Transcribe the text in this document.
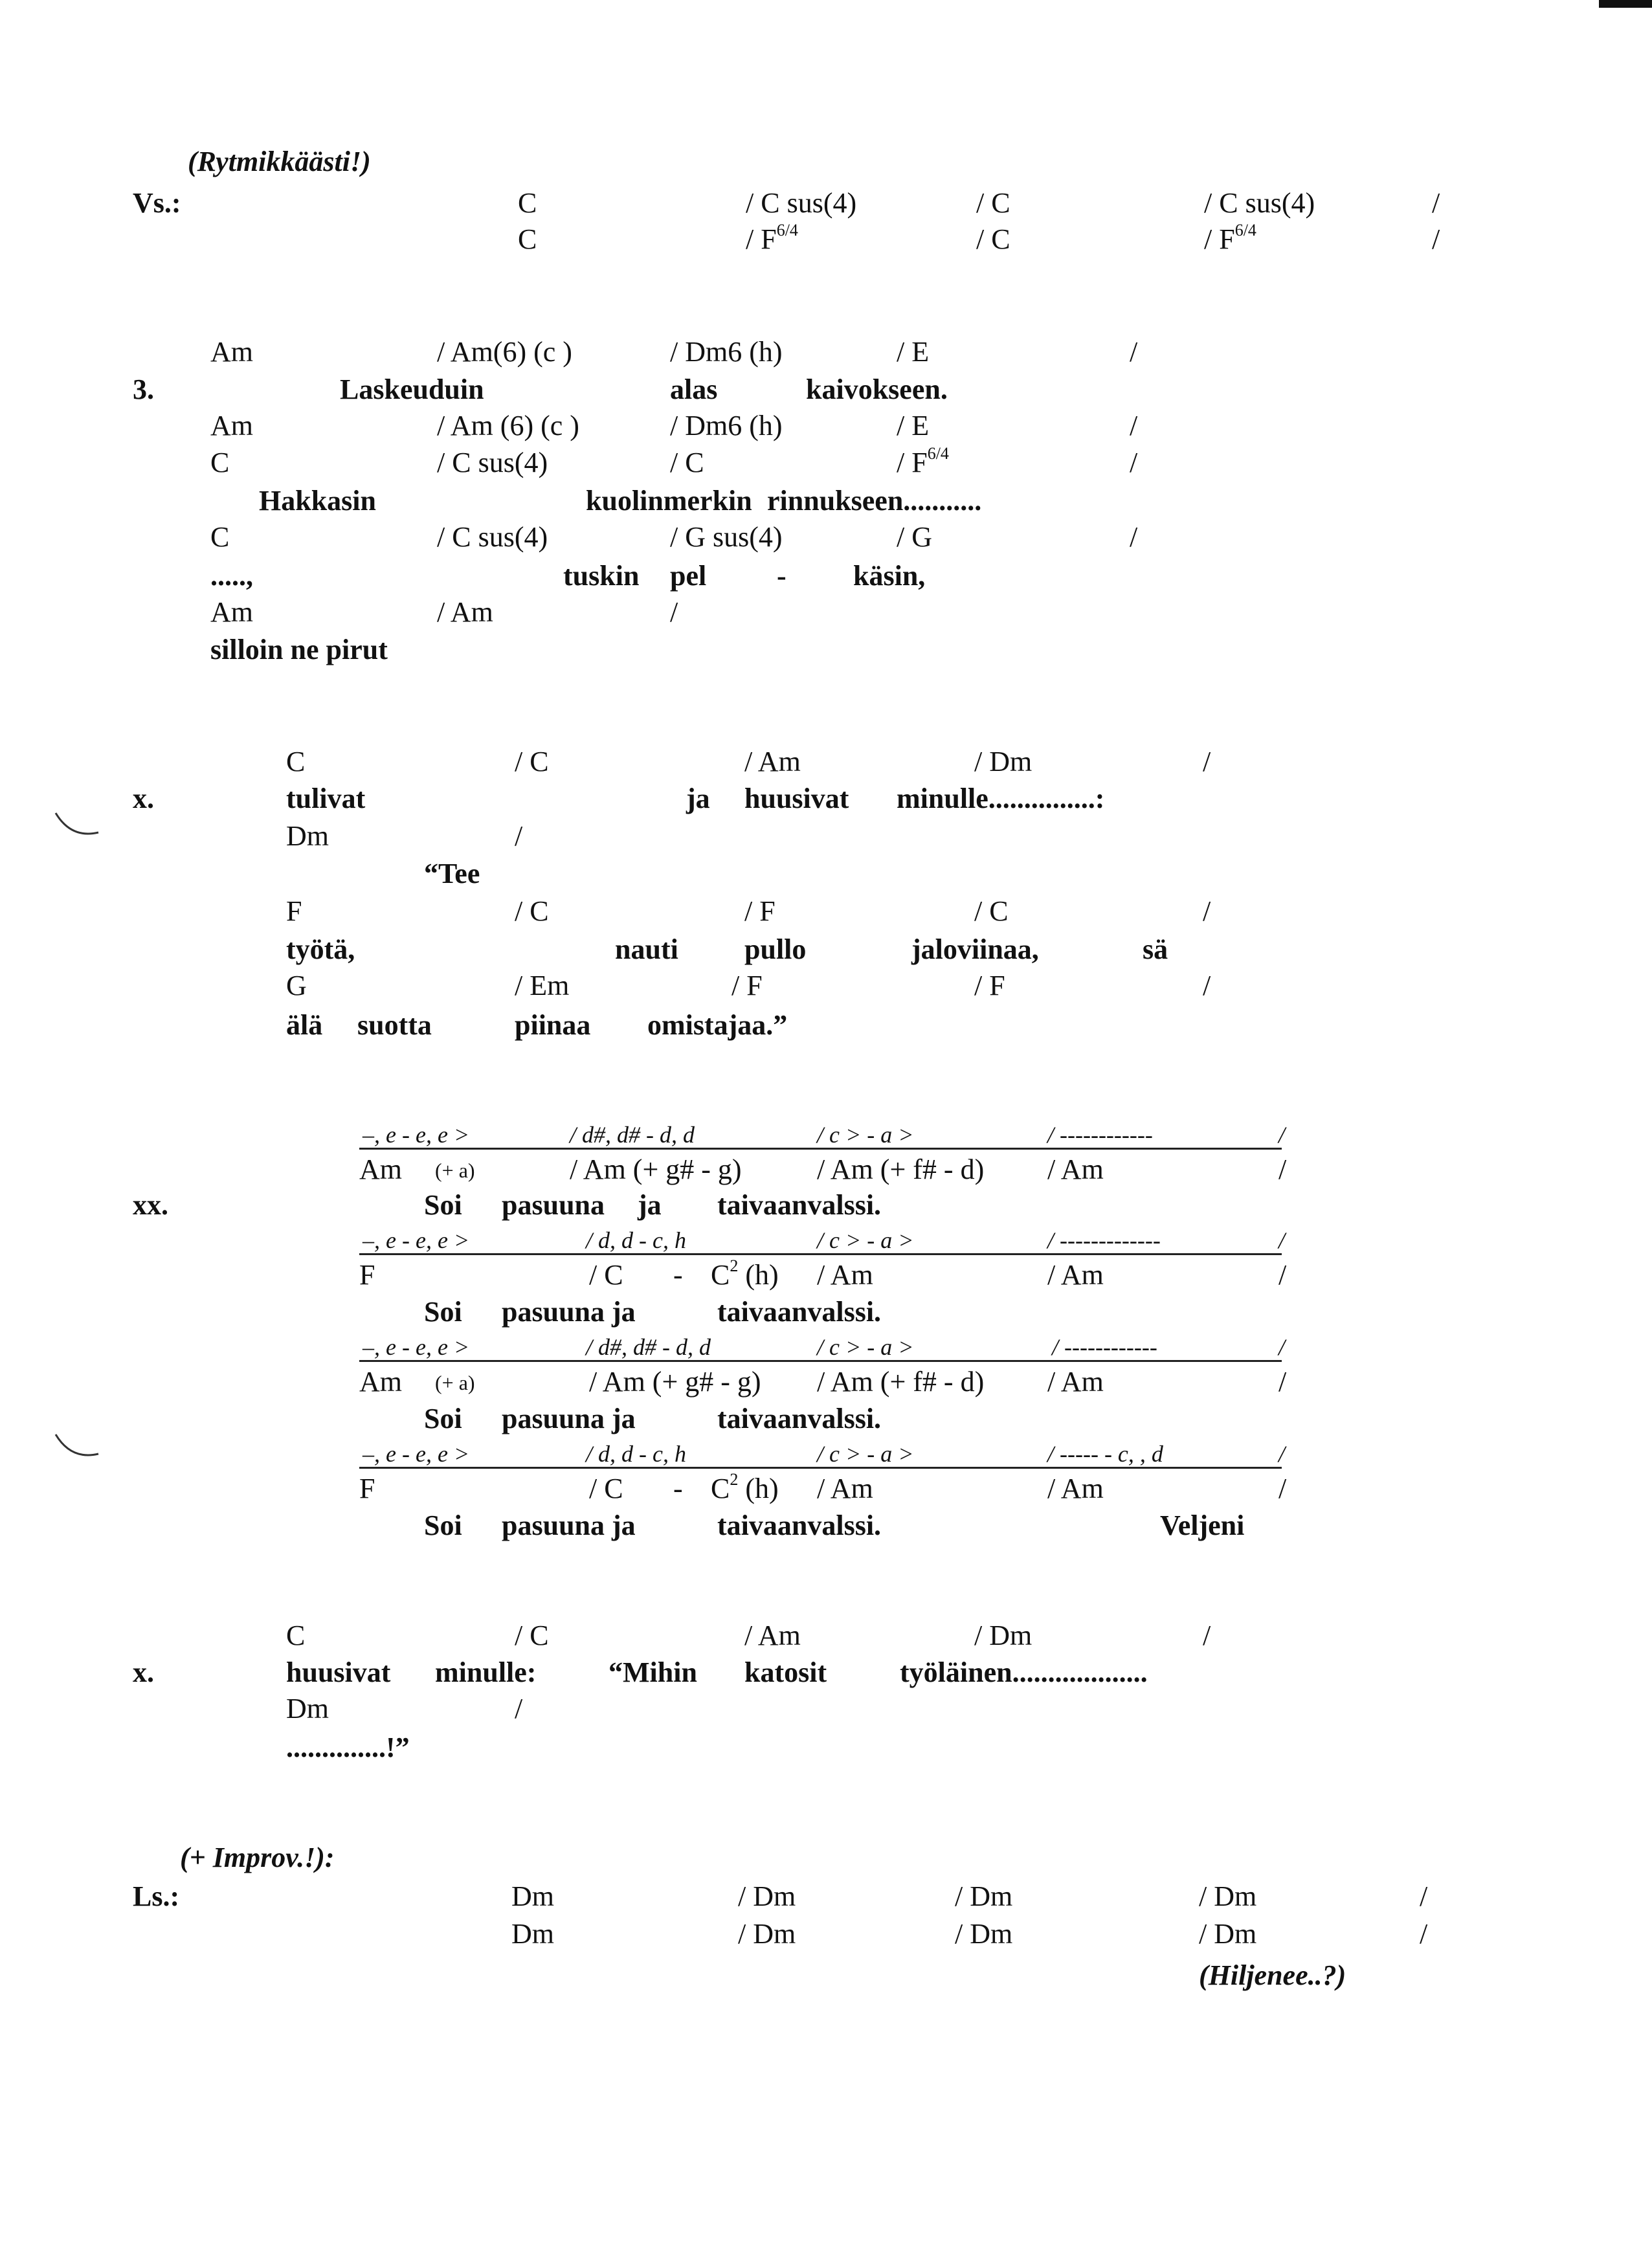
(Rytmikkäästi!)
Vs.:	C	/ C sus(4)	/ C	/ C sus(4)	/
C	/ $F^{6/4}$	/ C	/ $F^{6/4}$	/
Am	/ Am(6) (c )	/ Dm6 (h)	/ E	/
3.	Laskeuduin	alas	kaivokseen.
Am	/ Am (6) (c )	/ Dm6 (h)	/ E	/
C	/ C sus(4)	/ C	/ $F^{6/4}$	/
Hakkasin	kuolinmerkin rinnukseen...........
C	/ C sus(4)	/ G sus(4)	/ G	/
.....,	tuskin pel - käsin,
Am	/ Am	/
silloin ne pirut
C	/ C	/ Am	/ Dm	/
x.	tulivat	ja huusivat minulle...............:
Dm	/
“Tee
F	/ C	/ F	/ C	/
työtä,	nauti pullo	jaloviinaa,	sä
G	/ Em	/ F	/ F	/
älä suotta	piinaa omistajaa.”
–, e - e, e >	/ d#, d# - d, d	/ c > - a >	/ ------------	/
Am (+ a)	/ Am (+ g# - g)	/ Am (+ f# - d) / Am	/
xx.	Soi pasuuna ja taivaanvalssi.
–, e - e, e >	/ d, d - c, h	/ c > - a >	/ -------------	/
F	/ C - $C^2$ (h) / Am	/ Am	/
Soi pasuuna ja	taivaanvalssi.
–, e - e, e >	/ d#, d# - d, d	/ c > - a >	/ ------------	/
Am (+ a)	/ Am (+ g# - g) / Am (+ f# - d) / Am	/
Soi pasuuna ja	taivaanvalssi.
–, e - e, e >	/ d, d - c, h	/ c > - a >	/ ----- - c, , d	/
F	/ C - $C^2$ (h) / Am	/ Am	/
Soi pasuuna ja	taivaanvalssi.	Veljeni
C	/ C	/ Am	/ Dm	/
x.	huusivat minulle:	“Mihin katosit	työläinen...................
Dm	/
..............!”
(+ Improv.!):
Ls.:	Dm	/ Dm	/ Dm	/ Dm	/
Dm	/ Dm	/ Dm	/ Dm	/
(Hiljenee..?)
